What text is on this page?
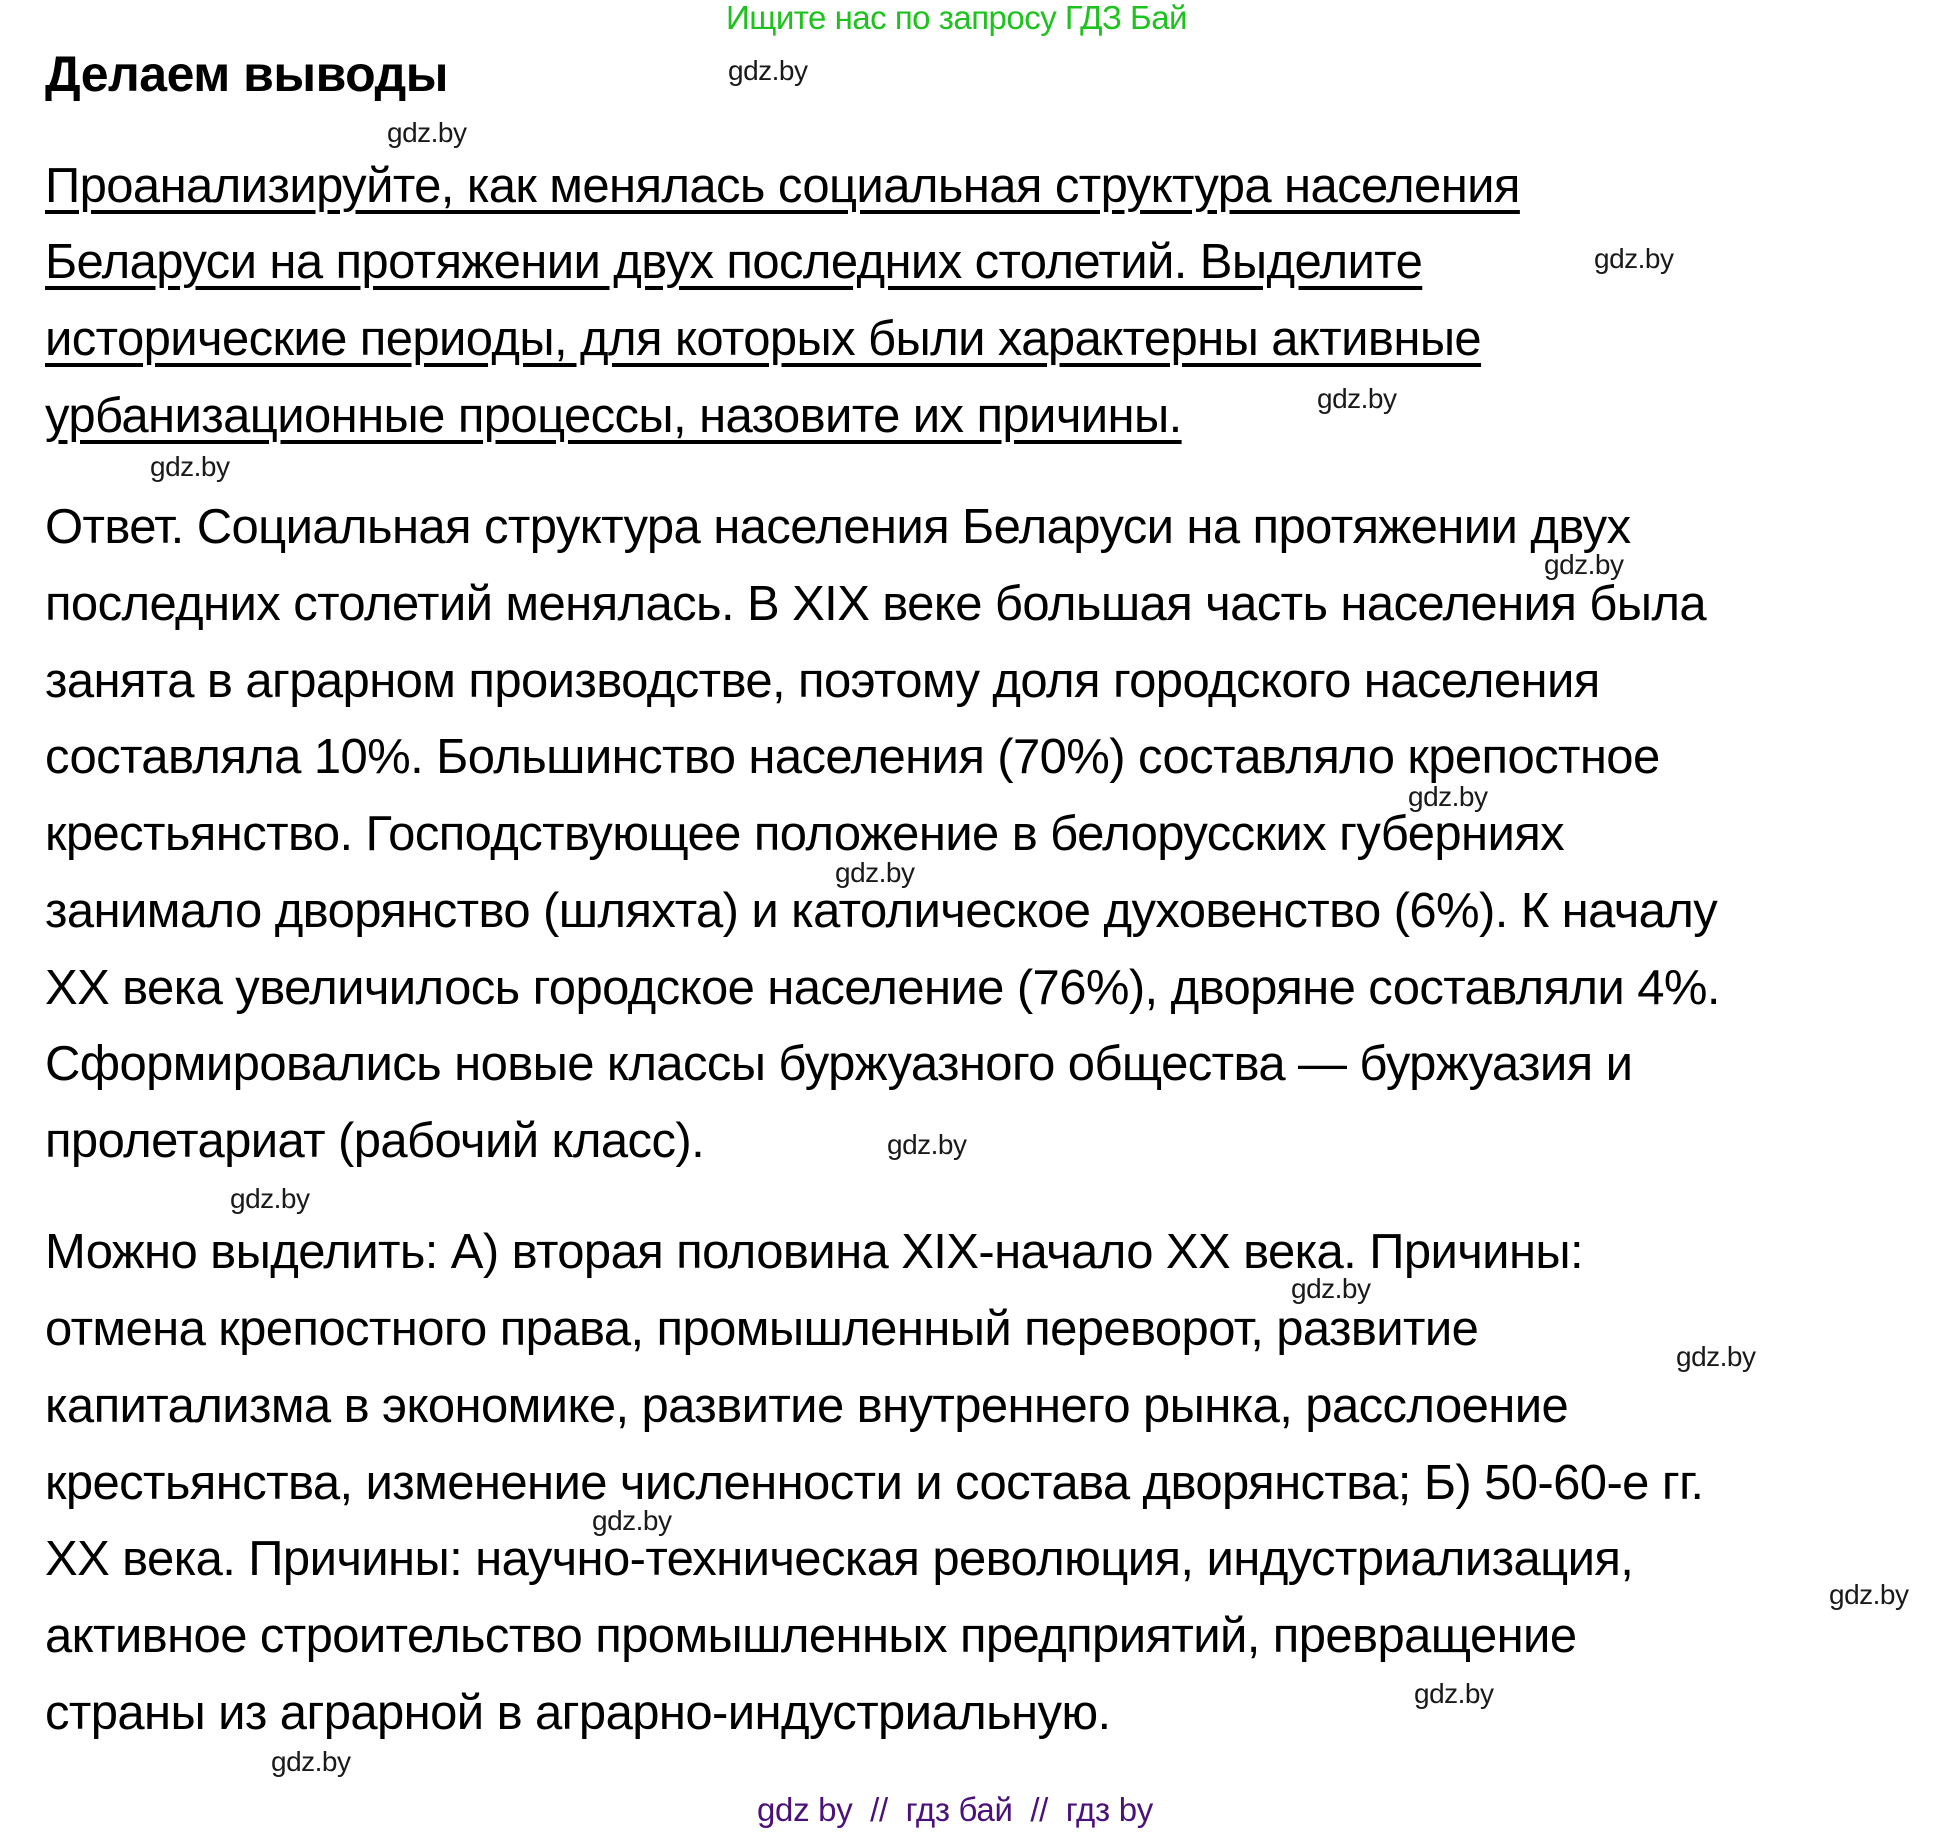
Ищите нас по запросу ГДЗ Бай
Делаем выводы
Проанализируйте, как менялась социальная структура населения
Беларуси на протяжении двух последних столетий. Выделите
исторические периоды, для которых были характерны активные
урбанизационные процессы, назовите их причины.
Ответ. Социальная структура населения Беларуси на протяжении двух
последних столетий менялась. В XIX веке большая часть населения была
занята в аграрном производстве, поэтому доля городского населения
составляла 10%. Большинство населения (70%) составляло крепостное
крестьянство. Господствующее положение в белорусских губерниях
занимало дворянство (шляхта) и католическое духовенство (6%). К началу
XX века увеличилось городское население (76%), дворяне составляли 4%.
Сформировались новые классы буржуазного общества — буржуазия и
пролетариат (рабочий класс).
Можно выделить: А) вторая половина XIX-начало XX века. Причины:
отмена крепостного права, промышленный переворот, развитие
капитализма в экономике, развитие внутреннего рынка, расслоение
крестьянства, изменение численности и состава дворянства; Б) 50-60-е гг.
XX века. Причины: научно-техническая революция, индустриализация,
активное строительство промышленных предприятий, превращение
страны из аграрной в аграрно-индустриальную.
gdz.by
gdz.by
gdz.by
gdz.by
gdz.by
gdz.by
gdz.by
gdz.by
gdz.by
gdz.by
gdz.by
gdz.by
gdz.by
gdz.by
gdz.by
gdz.by
gdz by  //  гдз бай  //  гдз by
